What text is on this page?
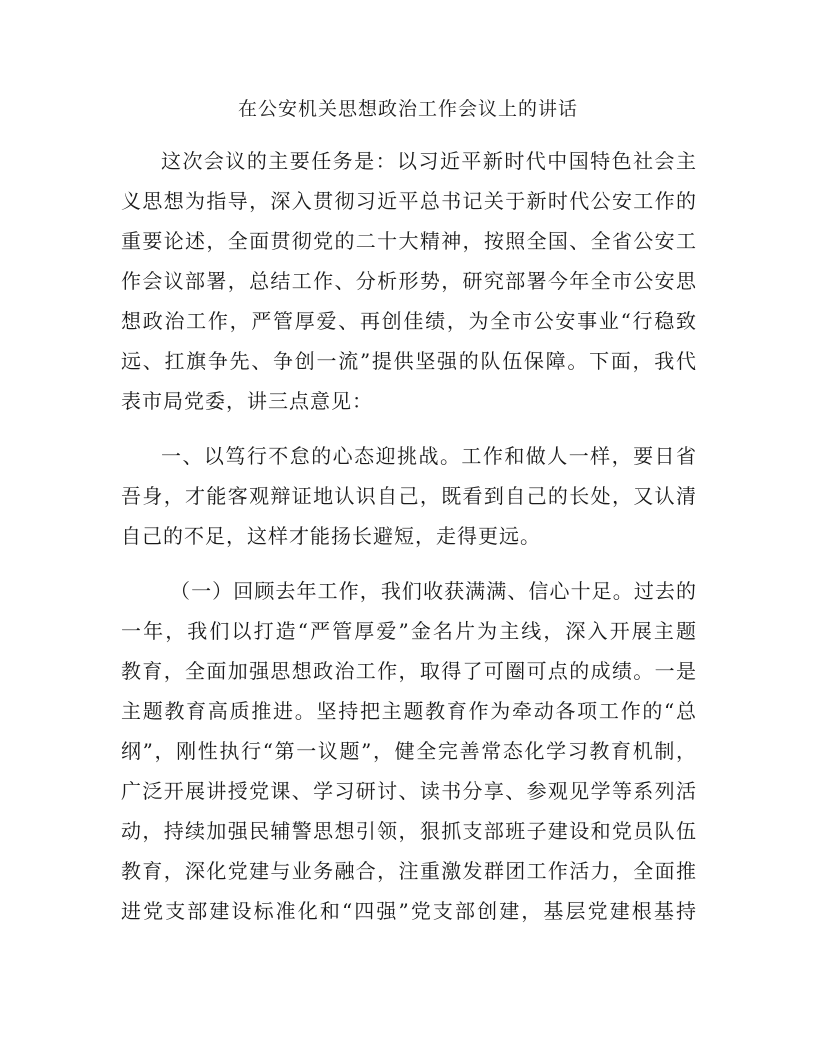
在公安机关思想政治工作会议上的讲话
这次会议的主要任务是：以习近平新时代中国特色社会主
义思想为指导，深入贯彻习近平总书记关于新时代公安工作的
重要论述，全面贯彻党的二十大精神，按照全国、全省公安工
作会议部署，总结工作、分析形势，研究部署今年全市公安思
想政治工作，严管厚爱、再创佳绩，为全市公安事业“行稳致
远、扛旗争先、争创一流”提供坚强的队伍保障。下面，我代
表市局党委，讲三点意见：
一、以笃行不怠的心态迎挑战。工作和做人一样，要日省
吾身，才能客观辩证地认识自己，既看到自己的长处，又认清
自己的不足，这样才能扬长避短，走得更远。
（一）回顾去年工作，我们收获满满、信心十足。过去的
一年，我们以打造“严管厚爱”金名片为主线，深入开展主题
教育，全面加强思想政治工作，取得了可圈可点的成绩。一是
主题教育高质推进。坚持把主题教育作为牵动各项工作的“总
纲”，刚性执行“第一议题”，健全完善常态化学习教育机制，
广泛开展讲授党课、学习研讨、读书分享、参观见学等系列活
动，持续加强民辅警思想引领，狠抓支部班子建设和党员队伍
教育，深化党建与业务融合，注重激发群团工作活力，全面推
进党支部建设标准化和“四强”党支部创建，基层党建根基持
